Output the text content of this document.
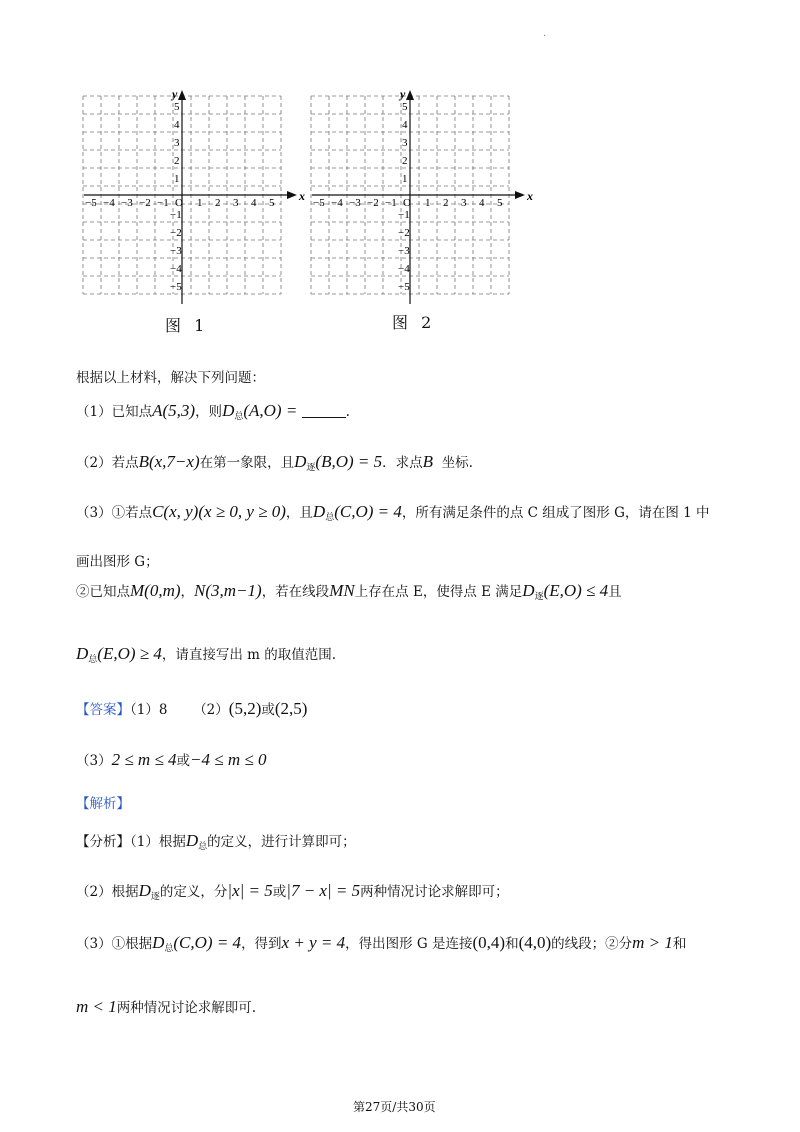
.
x
y
−5 −4 −3 −2 −1 O 1 2 3 4 5
5
4
3
2
1
−1
−2
−3
−4
−5
图 1
x
y
−5 −4 −3 −2 −1 O 1 2 3 4 5
5
4
3
2
1
−1
−2
−3
−4
−5
图 2
根据以上材料，解决下列问题：
（1）已知点A(5,3)，则$D_总(A,O)$ =	.
（2）若点B(x,7−x)在第一象限，且$D_逐(B,O) = 5$．求点B 坐标.
（3）①若点C(x, y)(x ≥ 0, y ≥ 0)，且$D_总(C,O) = 4$，所有满足条件的点 C 组成了图形 G，请在图 1 中
画出图形 G；
②已知点M(0,m)，N(3,m−1)，若在线段MN上存在点 E，使得点 E 满足$D_逐(E,O) \le 4$且
$D_总(E,O) \ge 4$，请直接写出 m 的取值范围.
【答案】（1）8 （2）(5,2)或(2,5)
（3）2 ≤ m ≤ 4或−4 ≤ m ≤ 0
【解析】
【分析】（1）根据$D_总$的定义，进行计算即可；
（2）根据$D_逐$的定义，分|x| = 5或|7 − x| = 5两种情况讨论求解即可；
（3）①根据$D_总(C,O) = 4$，得到x + y = 4，得出图形 G 是连接(0,4)和(4,0)的线段；②分m > 1和
m < 1两种情况讨论求解即可.
第27页/共30页
